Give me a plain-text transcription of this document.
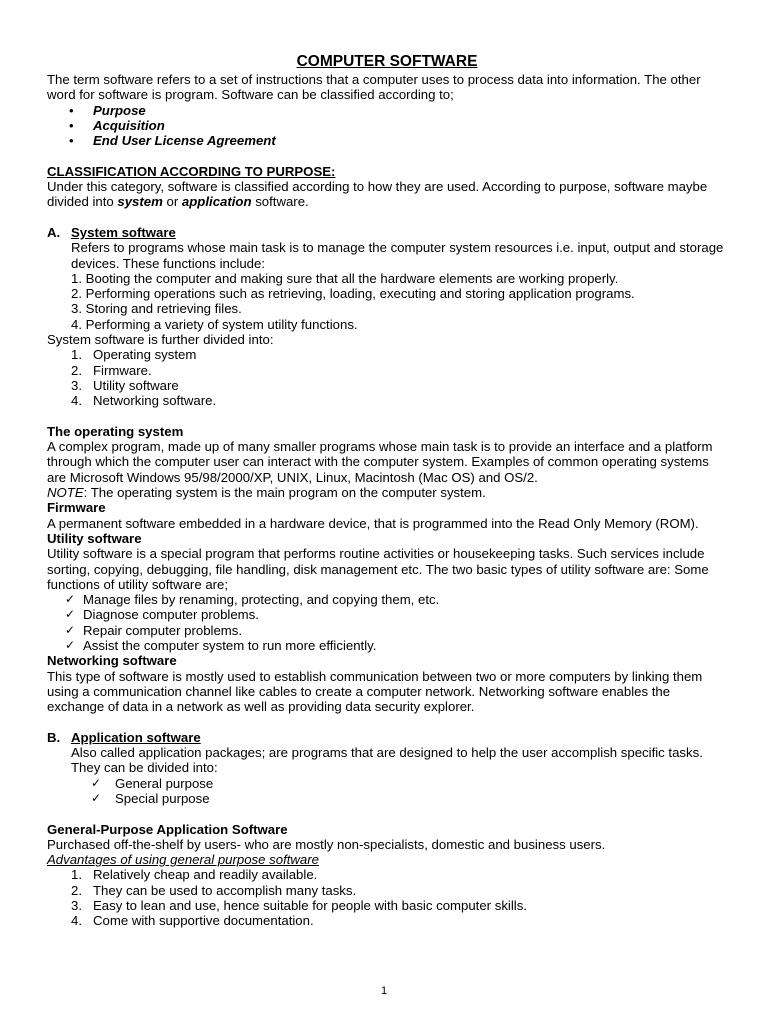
COMPUTER SOFTWARE

The term software refers to a set of instructions that a computer uses to process data into information. The other word for software is program. Software can be classified according to;

•	Purpose
•	Acquisition
•	End User License Agreement

CLASSIFICATION ACCORDING TO PURPOSE:

Under this category, software is classified according to how they are used. According to purpose, software maybe divided into system or application software.

A. System software

Refers to programs whose main task is to manage the computer system resources i.e. input, output and storage devices. These functions include:

1. Booting the computer and making sure that all the hardware elements are working properly.

2. Performing operations such as retrieving, loading, executing and storing application programs.

3. Storing and retrieving files.

4. Performing a variety of system utility functions.

System software is further divided into:

1. Operating system
2. Firmware.
3. Utility software
4. Networking software.

The operating system

A complex program, made up of many smaller programs whose main task is to provide an interface and a platform through which the computer user can interact with the computer system. Examples of common operating systems are Microsoft Windows 95/98/2000/XP, UNIX, Linux, Macintosh (Mac OS) and OS/2.

NOTE: The operating system is the main program on the computer system.

Firmware

A permanent software embedded in a hardware device, that is programmed into the Read Only Memory (ROM).

Utility software

Utility software is a special program that performs routine activities or housekeeping tasks. Such services include sorting, copying, debugging, file handling, disk management etc. The two basic types of utility software are: Some functions of utility software are;

✓ Manage files by renaming, protecting, and copying them, etc.
✓ Diagnose computer problems.
✓ Repair computer problems.
✓ Assist the computer system to run more efficiently.

Networking software

This type of software is mostly used to establish communication between two or more computers by linking them using a communication channel like cables to create a computer network. Networking software enables the exchange of data in a network as well as providing data security explorer.

B. Application software

Also called application packages; are programs that are designed to help the user accomplish specific tasks. They can be divided into:

✓	General purpose
✓	Special purpose

General-Purpose Application Software

Purchased off-the-shelf by users- who are mostly non-specialists, domestic and business users.

Advantages of using general purpose software

1. Relatively cheap and readily available.
2. They can be used to accomplish many tasks.
3. Easy to lean and use, hence suitable for people with basic computer skills.
4. Come with supportive documentation.
1
